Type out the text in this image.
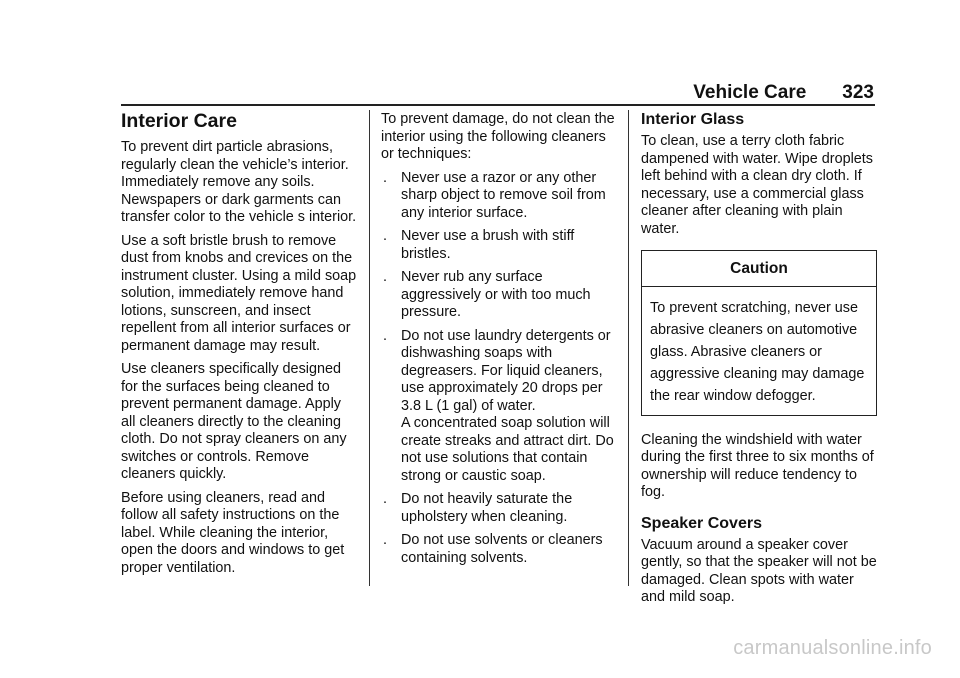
Vehicle Care 323
Interior Care

To prevent dirt particle abrasions, regularly clean the vehicle’s interior. Immediately remove any soils. Newspapers or dark garments can transfer color to the vehicle s interior.

Use a soft bristle brush to remove dust from knobs and crevices on the instrument cluster. Using a mild soap solution, immediately remove hand lotions, sunscreen, and insect repellent from all interior surfaces or permanent damage may result.

Use cleaners specifically designed for the surfaces being cleaned to prevent permanent damage. Apply all cleaners directly to the cleaning cloth. Do not spray cleaners on any switches or controls. Remove cleaners quickly.

Before using cleaners, read and follow all safety instructions on the label. While cleaning the interior, open the doors and windows to get proper ventilation.

To prevent damage, do not clean the interior using the following cleaners or techniques:

. Never use a razor or any other sharp object to remove soil from any interior surface.
. Never use a brush with stiff bristles.
. Never rub any surface aggressively or with too much pressure.
. Do not use laundry detergents or dishwashing soaps with degreasers. For liquid cleaners, use approximately 20 drops per 3.8 L (1 gal) of water.
A concentrated soap solution will create streaks and attract dirt. Do not use solutions that contain strong or caustic soap.
. Do not heavily saturate the upholstery when cleaning.
. Do not use solvents or cleaners containing solvents.
Interior Glass

To clean, use a terry cloth fabric dampened with water. Wipe droplets left behind with a clean dry cloth. If necessary, use a commercial glass cleaner after cleaning with plain water.

Caution
To prevent scratching, never use abrasive cleaners on automotive glass. Abrasive cleaners or aggressive cleaning may damage the rear window defogger.

Cleaning the windshield with water during the first three to six months of ownership will reduce tendency to fog.

Speaker Covers

Vacuum around a speaker cover gently, so that the speaker will not be damaged. Clean spots with water and mild soap.

carmanualsonline.info
